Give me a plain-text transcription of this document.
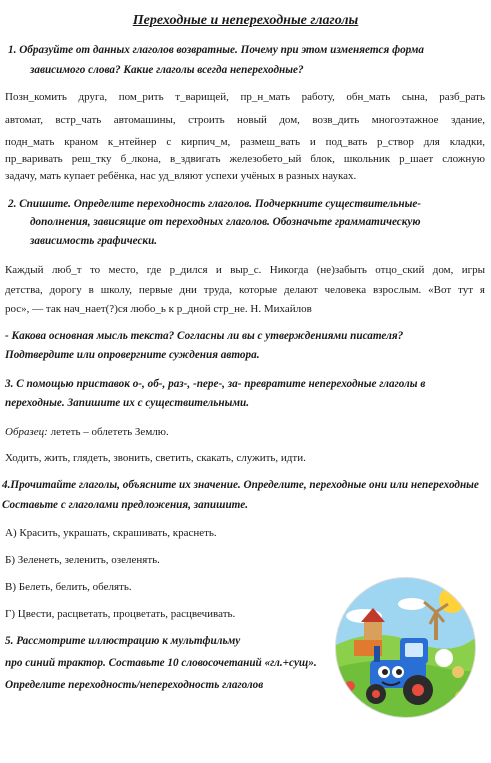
Переходные и непереходные глаголы
1. Образуйте от данных глаголов возвратные. Почему при этом изменяется форма
зависимого слова? Какие глаголы всегда непереходные?
Позн_комить друга, пом_рить т_варищей, пр_н_мать работу, обн_мать сына, разб_рать
автомат, встр_чать автомашины, строить новый дом, возв_дить многоэтажное здание,
подн_мать краном к_нтейнер с кирпич_м, размеш_вать и под_вать р_створ для кладки,
пр_варивать реш_тку б_лкона, в_здвигать железобето_ый блок, школьник р_шает сложную
задачу, мать купает ребёнка, нас уд_вляют успехи учёных в разных науках.
2. Спишите. Определите переходность глаголов. Подчеркните существительные-
дополнения, зависящие от переходных глаголов. Обозначьте грамматическую
зависимость графически.
Каждый люб_т то место, где р_дился и выр_с. Никогда (не)забыть отцо_ский дом, игры
детства, дорогу в школу, первые дни труда, которые делают человека взрослым. «Вот тут я
рос», — так нач_нает(?)ся любо_ь к р_дной стр_не. Н. Михайлов
- Какова основная мысль текста? Согласны ли вы с утверждениями писателя?
Подтвердите или опровергните суждения автора.
3. С помощью приставок о-, об-, раз-, -пере-, за- превратите непереходные глаголы в
переходные. Запишите их с существительными.
Образец: лететь – облететь Землю.
Ходить, жить, глядеть, звонить, светить, скакать, служить, идти.
4.Прочитайте глаголы, объясните их значение. Определите, переходные они или непереходные
Составьте с глаголами предложения, запишите.
А) Красить, украшать, скрашивать, краснеть.
Б) Зеленеть, зеленить, озеленять.
В) Белеть, белить, обелять.
Г) Цвести, расцветать, процветать, расцвечивать.
5. Рассмотрите иллюстрацию к мультфильму
про синий трактор. Составьте 10 словосочетаний «гл.+сущ».
Определите переходность/непереходность глаголов
